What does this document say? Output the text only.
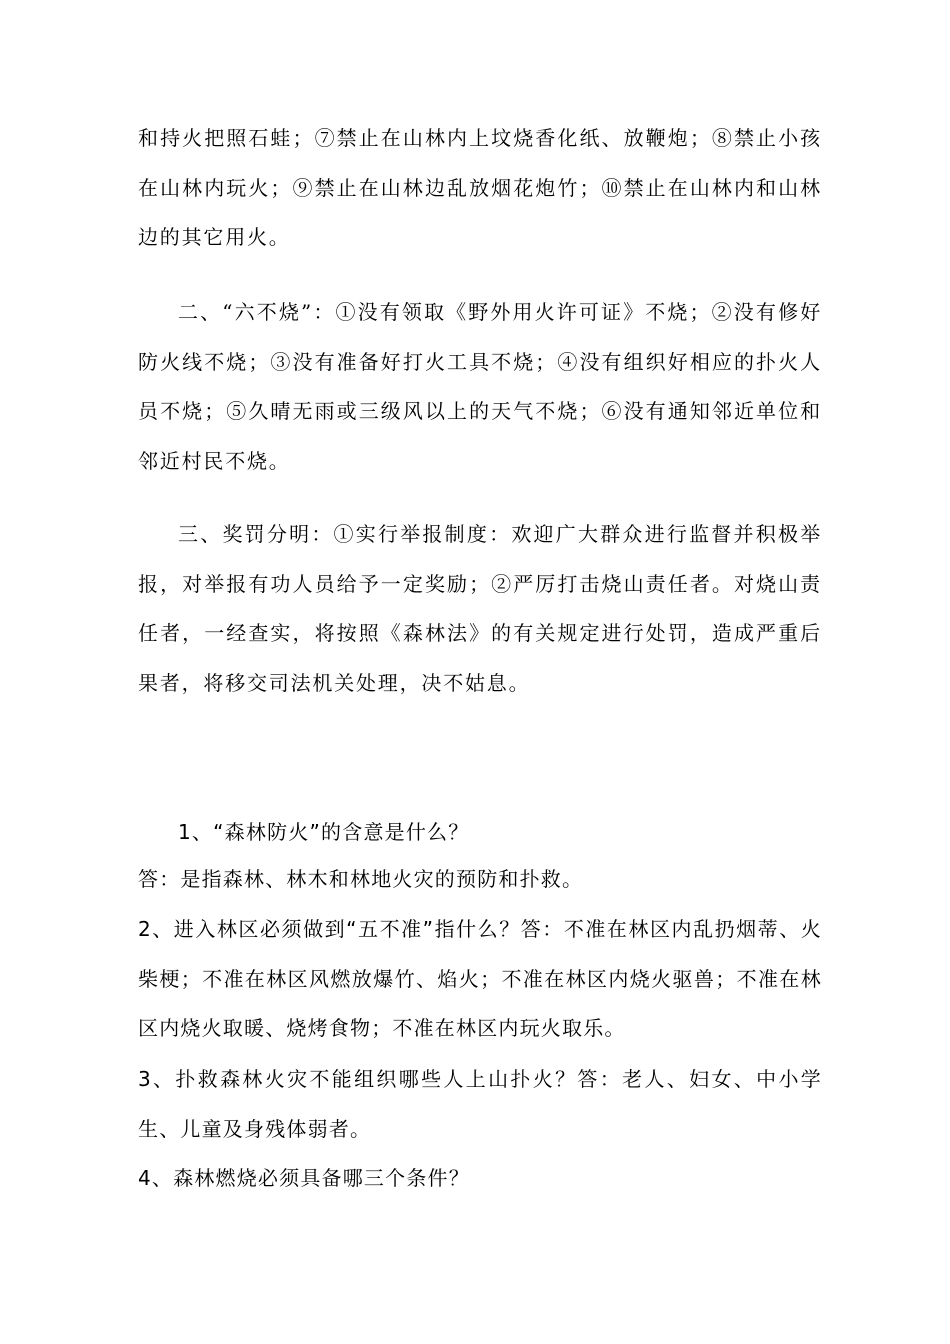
和持火把照石蛙；⑦禁止在山林内上坟烧香化纸、放鞭炮；⑧禁止小孩在山林内玩火；⑨禁止在山林边乱放烟花炮竹；⑩禁止在山林内和山林边的其它用火。

二、“六不烧”：①没有领取《野外用火许可证》不烧；②没有修好防火线不烧；③没有准备好打火工具不烧；④没有组织好相应的扑火人员不烧；⑤久晴无雨或三级风以上的天气不烧；⑥没有通知邻近单位和邻近村民不烧。

三、奖罚分明：①实行举报制度：欢迎广大群众进行监督并积极举报，对举报有功人员给予一定奖励；②严厉打击烧山责任者。对烧山责任者，一经查实，将按照《森林法》的有关规定进行处罚，造成严重后果者，将移交司法机关处理，决不姑息。

1、“森林防火”的含意是什么？

答：是指森林、林木和林地火灾的预防和扑救。

2、进入林区必须做到“五不准”指什么？答：不准在林区内乱扔烟蒂、火柴梗；不准在林区风燃放爆竹、焰火；不准在林区内烧火驱兽；不准在林区内烧火取暖、烧烤食物；不准在林区内玩火取乐。

3、扑救森林火灾不能组织哪些人上山扑火？答：老人、妇女、中小学生、儿童及身残体弱者。

4、森林燃烧必须具备哪三个条件？
